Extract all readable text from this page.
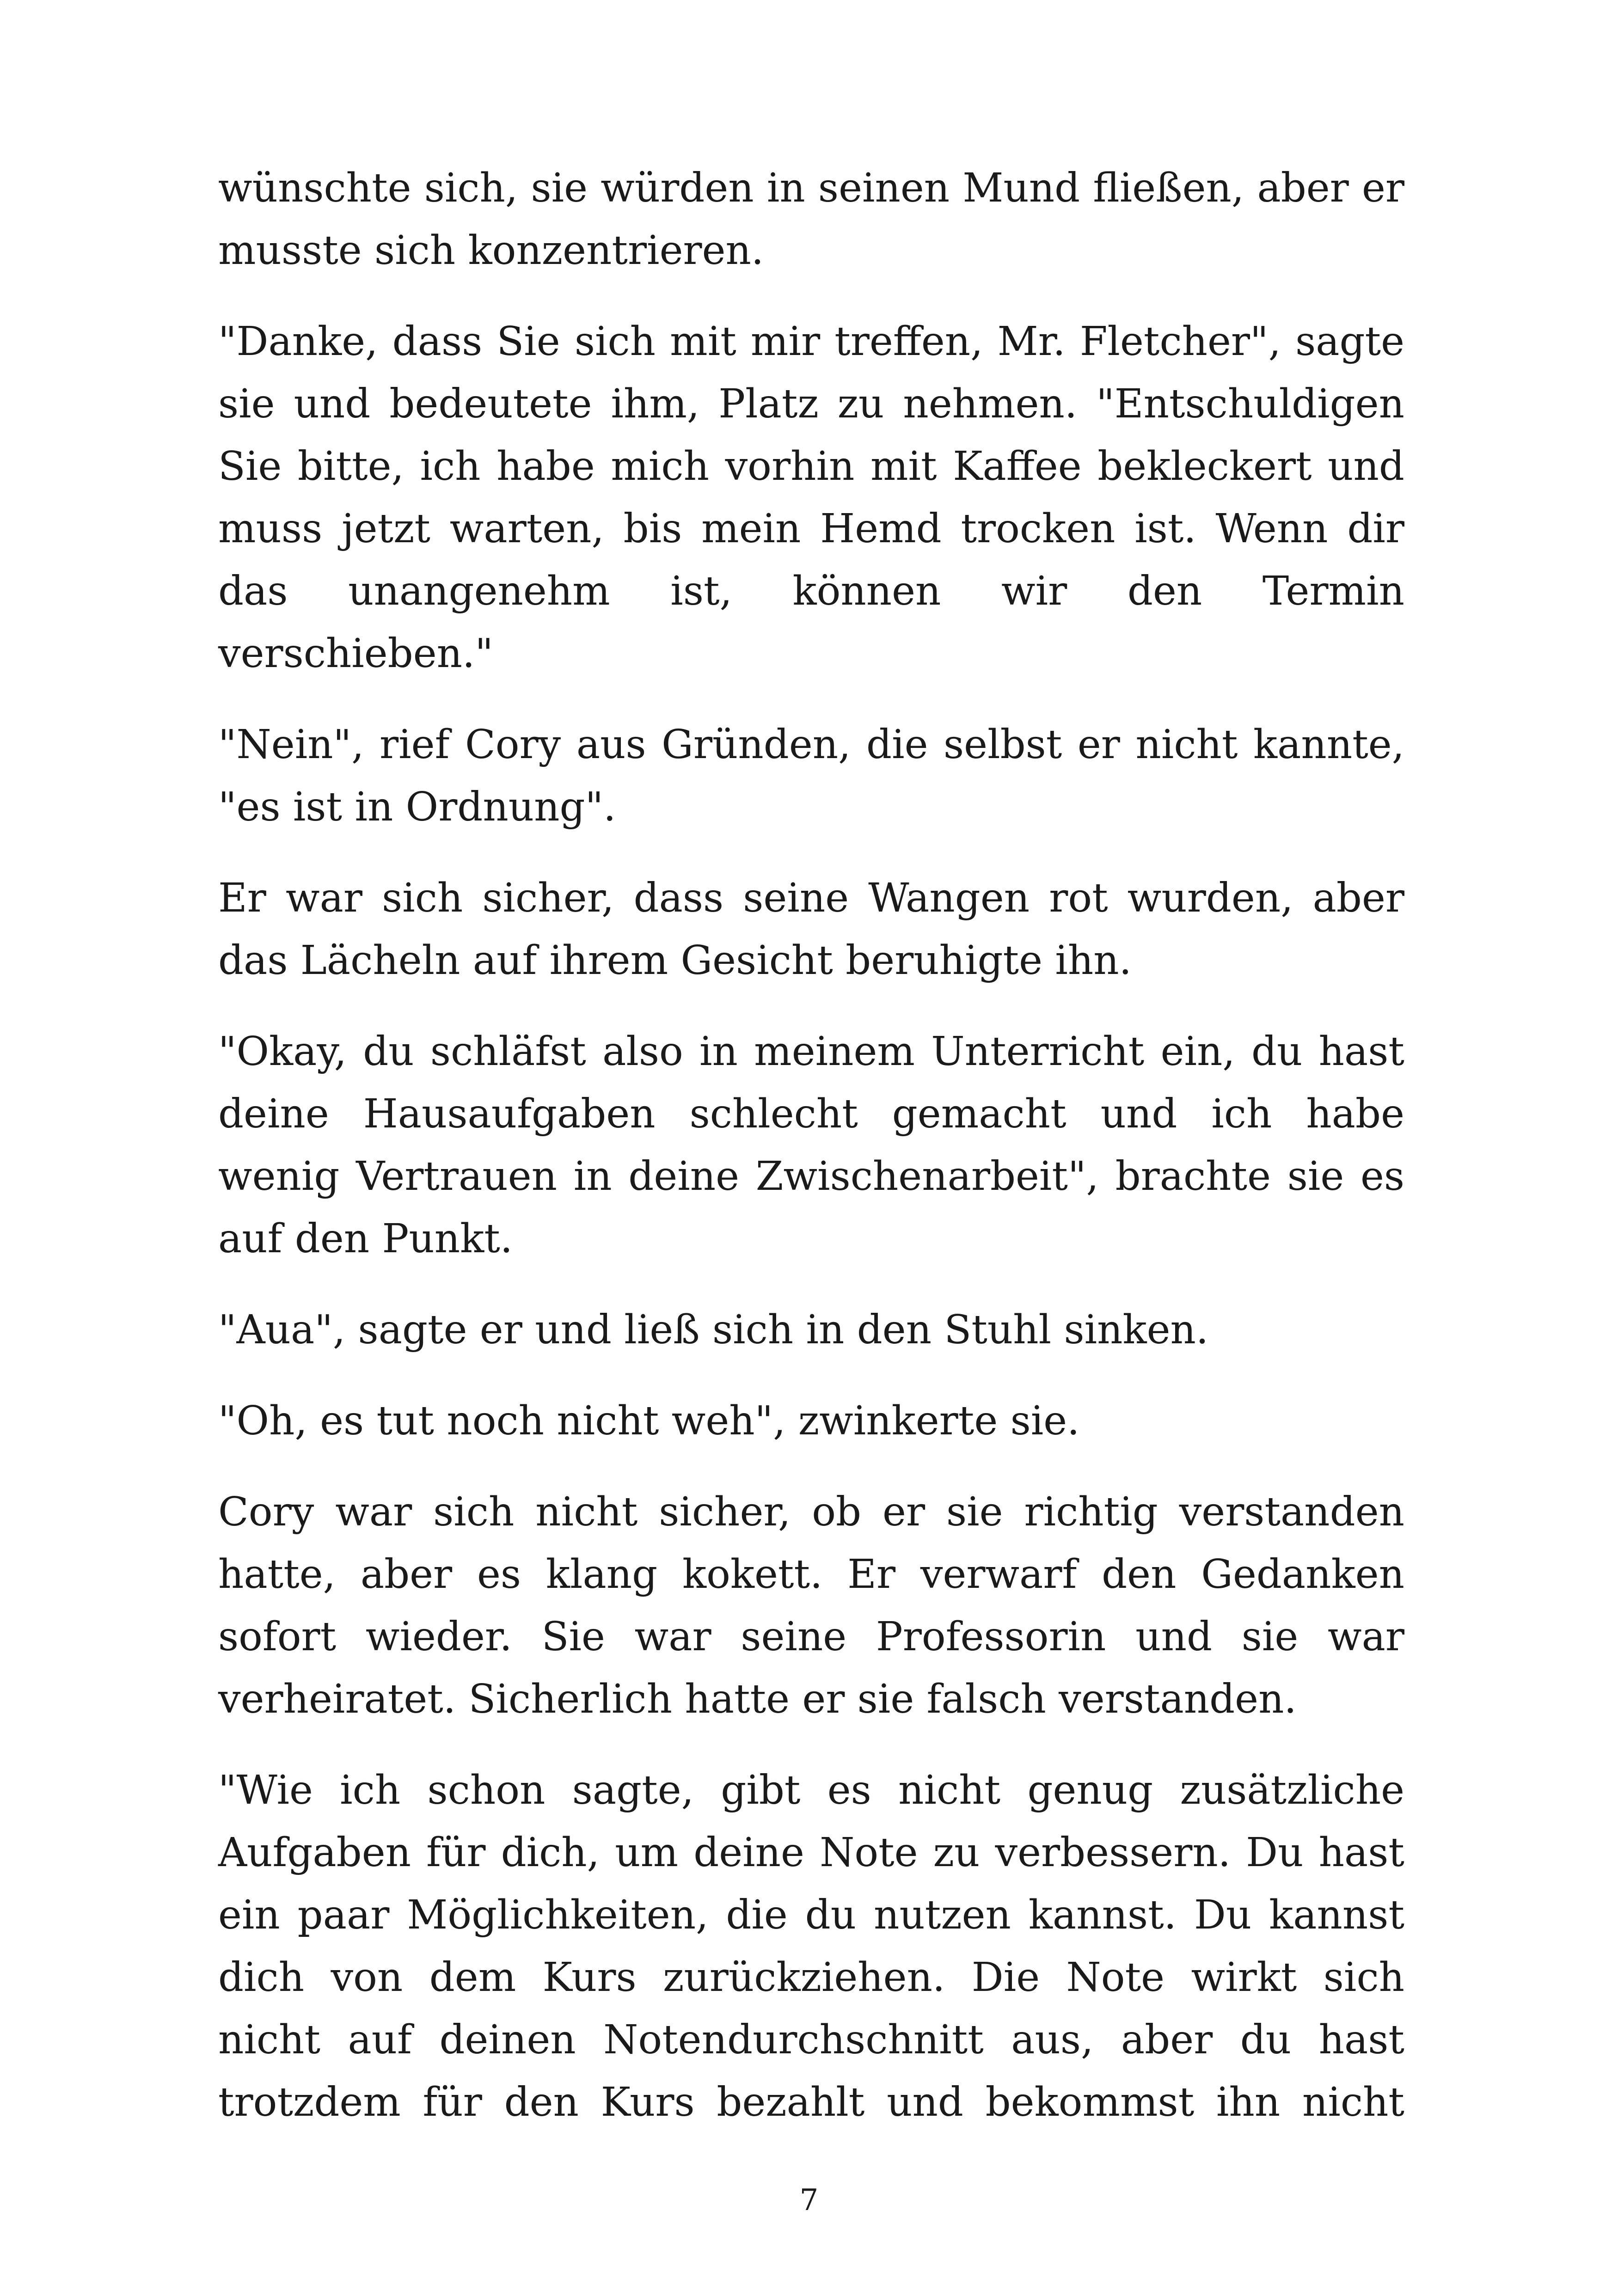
wünschte sich, sie würden in seinen Mund fließen, aber er musste sich konzentrieren.

"Danke, dass Sie sich mit mir treffen, Mr. Fletcher", sagte sie und bedeutete ihm, Platz zu nehmen. "Entschuldigen Sie bitte, ich habe mich vorhin mit Kaffee bekleckert und muss jetzt warten, bis mein Hemd trocken ist. Wenn dir das unangenehm ist, können wir den Termin verschieben."

"Nein", rief Cory aus Gründen, die selbst er nicht kannte, "es ist in Ordnung".

Er war sich sicher, dass seine Wangen rot wurden, aber das Lächeln auf ihrem Gesicht beruhigte ihn.

"Okay, du schläfst also in meinem Unterricht ein, du hast deine Hausaufgaben schlecht gemacht und ich habe wenig Vertrauen in deine Zwischenarbeit", brachte sie es auf den Punkt.

"Aua", sagte er und ließ sich in den Stuhl sinken.

"Oh, es tut noch nicht weh", zwinkerte sie.

Cory war sich nicht sicher, ob er sie richtig verstanden hatte, aber es klang kokett. Er verwarf den Gedanken sofort wieder. Sie war seine Professorin und sie war verheiratet. Sicherlich hatte er sie falsch verstanden.

"Wie ich schon sagte, gibt es nicht genug zusätzliche Aufgaben für dich, um deine Note zu verbessern. Du hast ein paar Möglichkeiten, die du nutzen kannst. Du kannst dich von dem Kurs zurückziehen. Die Note wirkt sich nicht auf deinen Notendurchschnitt aus, aber du hast trotzdem für den Kurs bezahlt und bekommst ihn nicht

7
